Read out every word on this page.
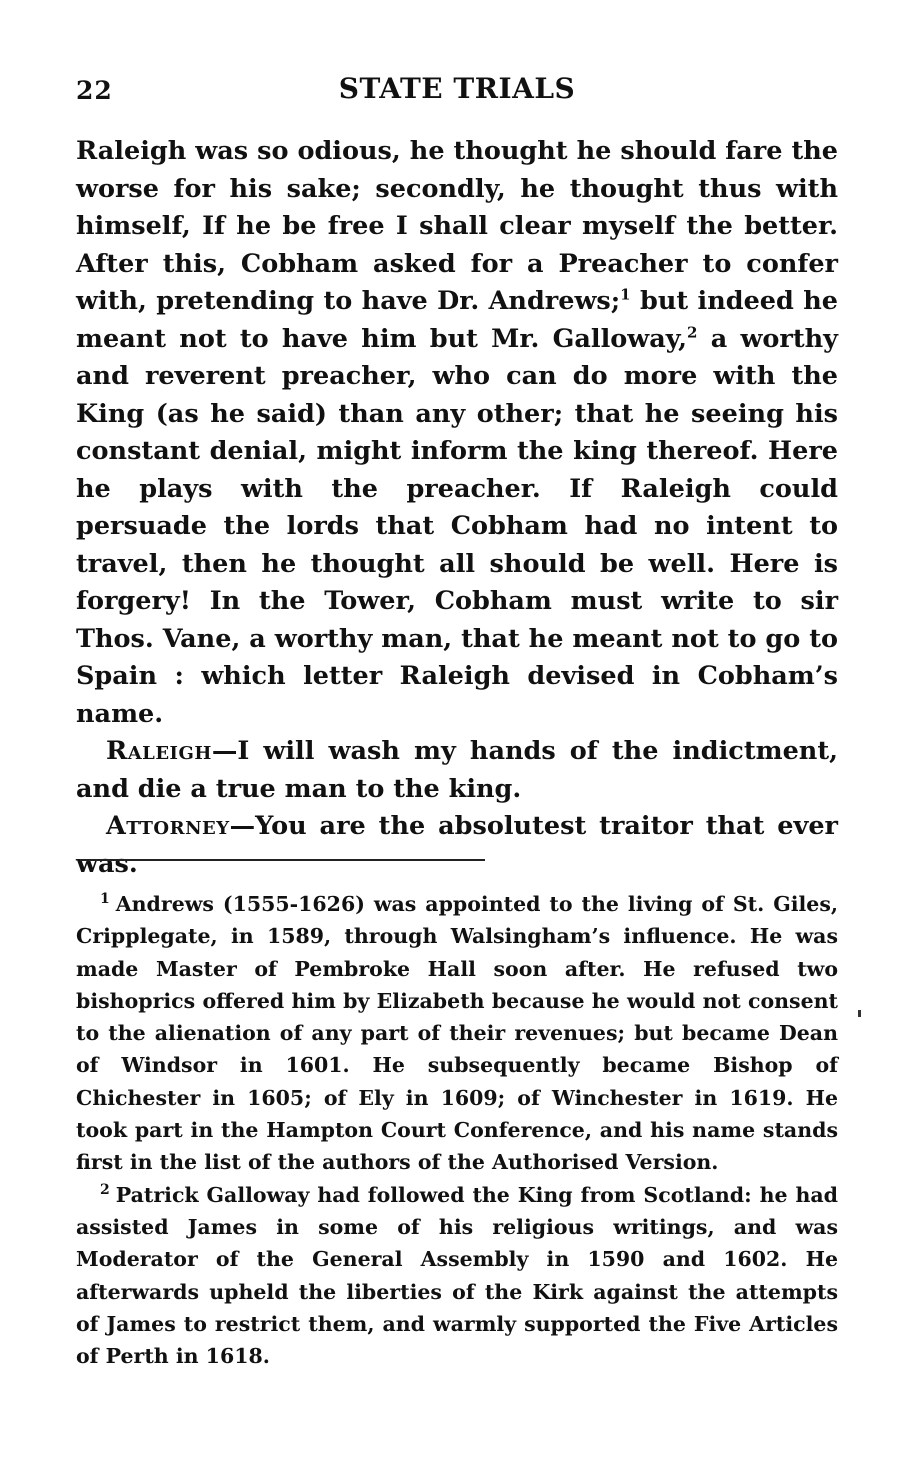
22	STATE TRIALS

Raleigh was so odious, he thought he should fare the worse for his sake; secondly, he thought thus with himself, If he be free I shall clear myself the better. After this, Cobham asked for a Preacher to confer with, pretending to have Dr. Andrews;$^1$ but indeed he meant not to have him but Mr. Galloway,$^2$ a worthy and reverent preacher, who can do more with the King (as he said) than any other; that he seeing his constant denial, might inform the king thereof. Here he plays with the preacher. If Raleigh could persuade the lords that Cobham had no intent to travel, then he thought all should be well. Here is forgery! In the Tower, Cobham must write to sir Thos. Vane, a worthy man, that he meant not to go to Spain : which letter Raleigh devised in Cobham’s name.

Raleigh—I will wash my hands of the indictment, and die a true man to the king.

Attorney—You are the absolutest traitor that ever was.

$^1$ Andrews (1555-1626) was appointed to the living of St. Giles, Cripplegate, in 1589, through Walsingham’s influence. He was made Master of Pembroke Hall soon after. He refused two bishoprics offered him by Elizabeth because he would not consent to the alienation of any part of their revenues; but became Dean of Windsor in 1601. He subsequently became Bishop of Chichester in 1605; of Ely in 1609; of Winchester in 1619. He took part in the Hampton Court Conference, and his name stands first in the list of the authors of the Authorised Version.

$^2$ Patrick Galloway had followed the King from Scotland: he had assisted James in some of his religious writings, and was Moderator of the General Assembly in 1590 and 1602. He afterwards upheld the liberties of the Kirk against the attempts of James to restrict them, and warmly supported the Five Articles of Perth in 1618.
